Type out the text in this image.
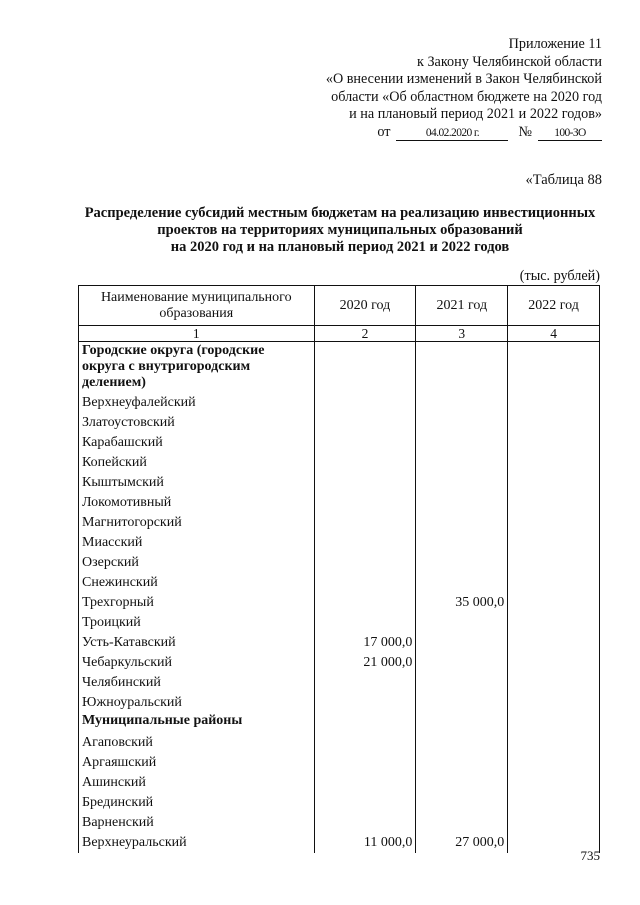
Приложение 11
к Закону Челябинской области
«О внесении изменений в Закон Челябинской
области «Об областном бюджете на 2020 год
и на плановый период 2021 и 2022 годов»
от	04.02.2020 г.	№ 100-ЗО
«Таблица 88
Распределение субсидий местным бюджетам на реализацию инвестиционных
проектов на территориях муниципальных образований
на 2020 год и на плановый период 2021 и 2022 годов
(тыс. рублей)
Наименование муниципального образования	2020 год	2021 год	2022 год
1	2	3	4
Городские округа (городские округа с внутригородским делением)			
Верхнеуфалейский			
Златоустовский			
Карабашский			
Копейский			
Кыштымский			
Локомотивный			
Магнитогорский			
Миасский			
Озерский			
Снежинский			
Трехгорный		35 000,0	
Троицкий			
Усть-Катавский	17 000,0		
Чебаркульский	21 000,0		
Челябинский			
Южноуральский			
Муниципальные районы			
Агаповский			
Аргаяшский			
Ашинский			
Брединский			
Варненский			
Верхнеуральский	11 000,0	27 000,0	
735
